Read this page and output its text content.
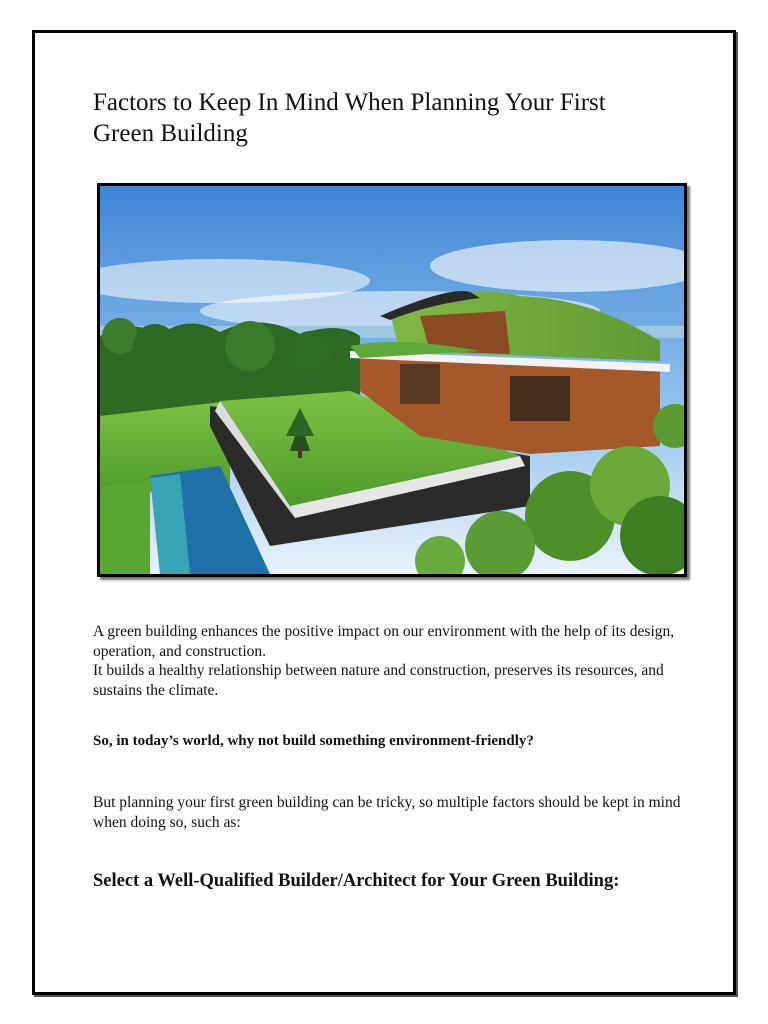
Factors to Keep In Mind When Planning Your First Green Building

A green building enhances the positive impact on our environment with the help of its design, operation, and construction.
It builds a healthy relationship between nature and construction, preserves its resources, and sustains the climate.

So, in today’s world, why not build something environment-friendly?

But planning your first green building can be tricky, so multiple factors should be kept in mind when doing so, such as:

Select a Well-Qualified Builder/Architect for Your Green Building:
